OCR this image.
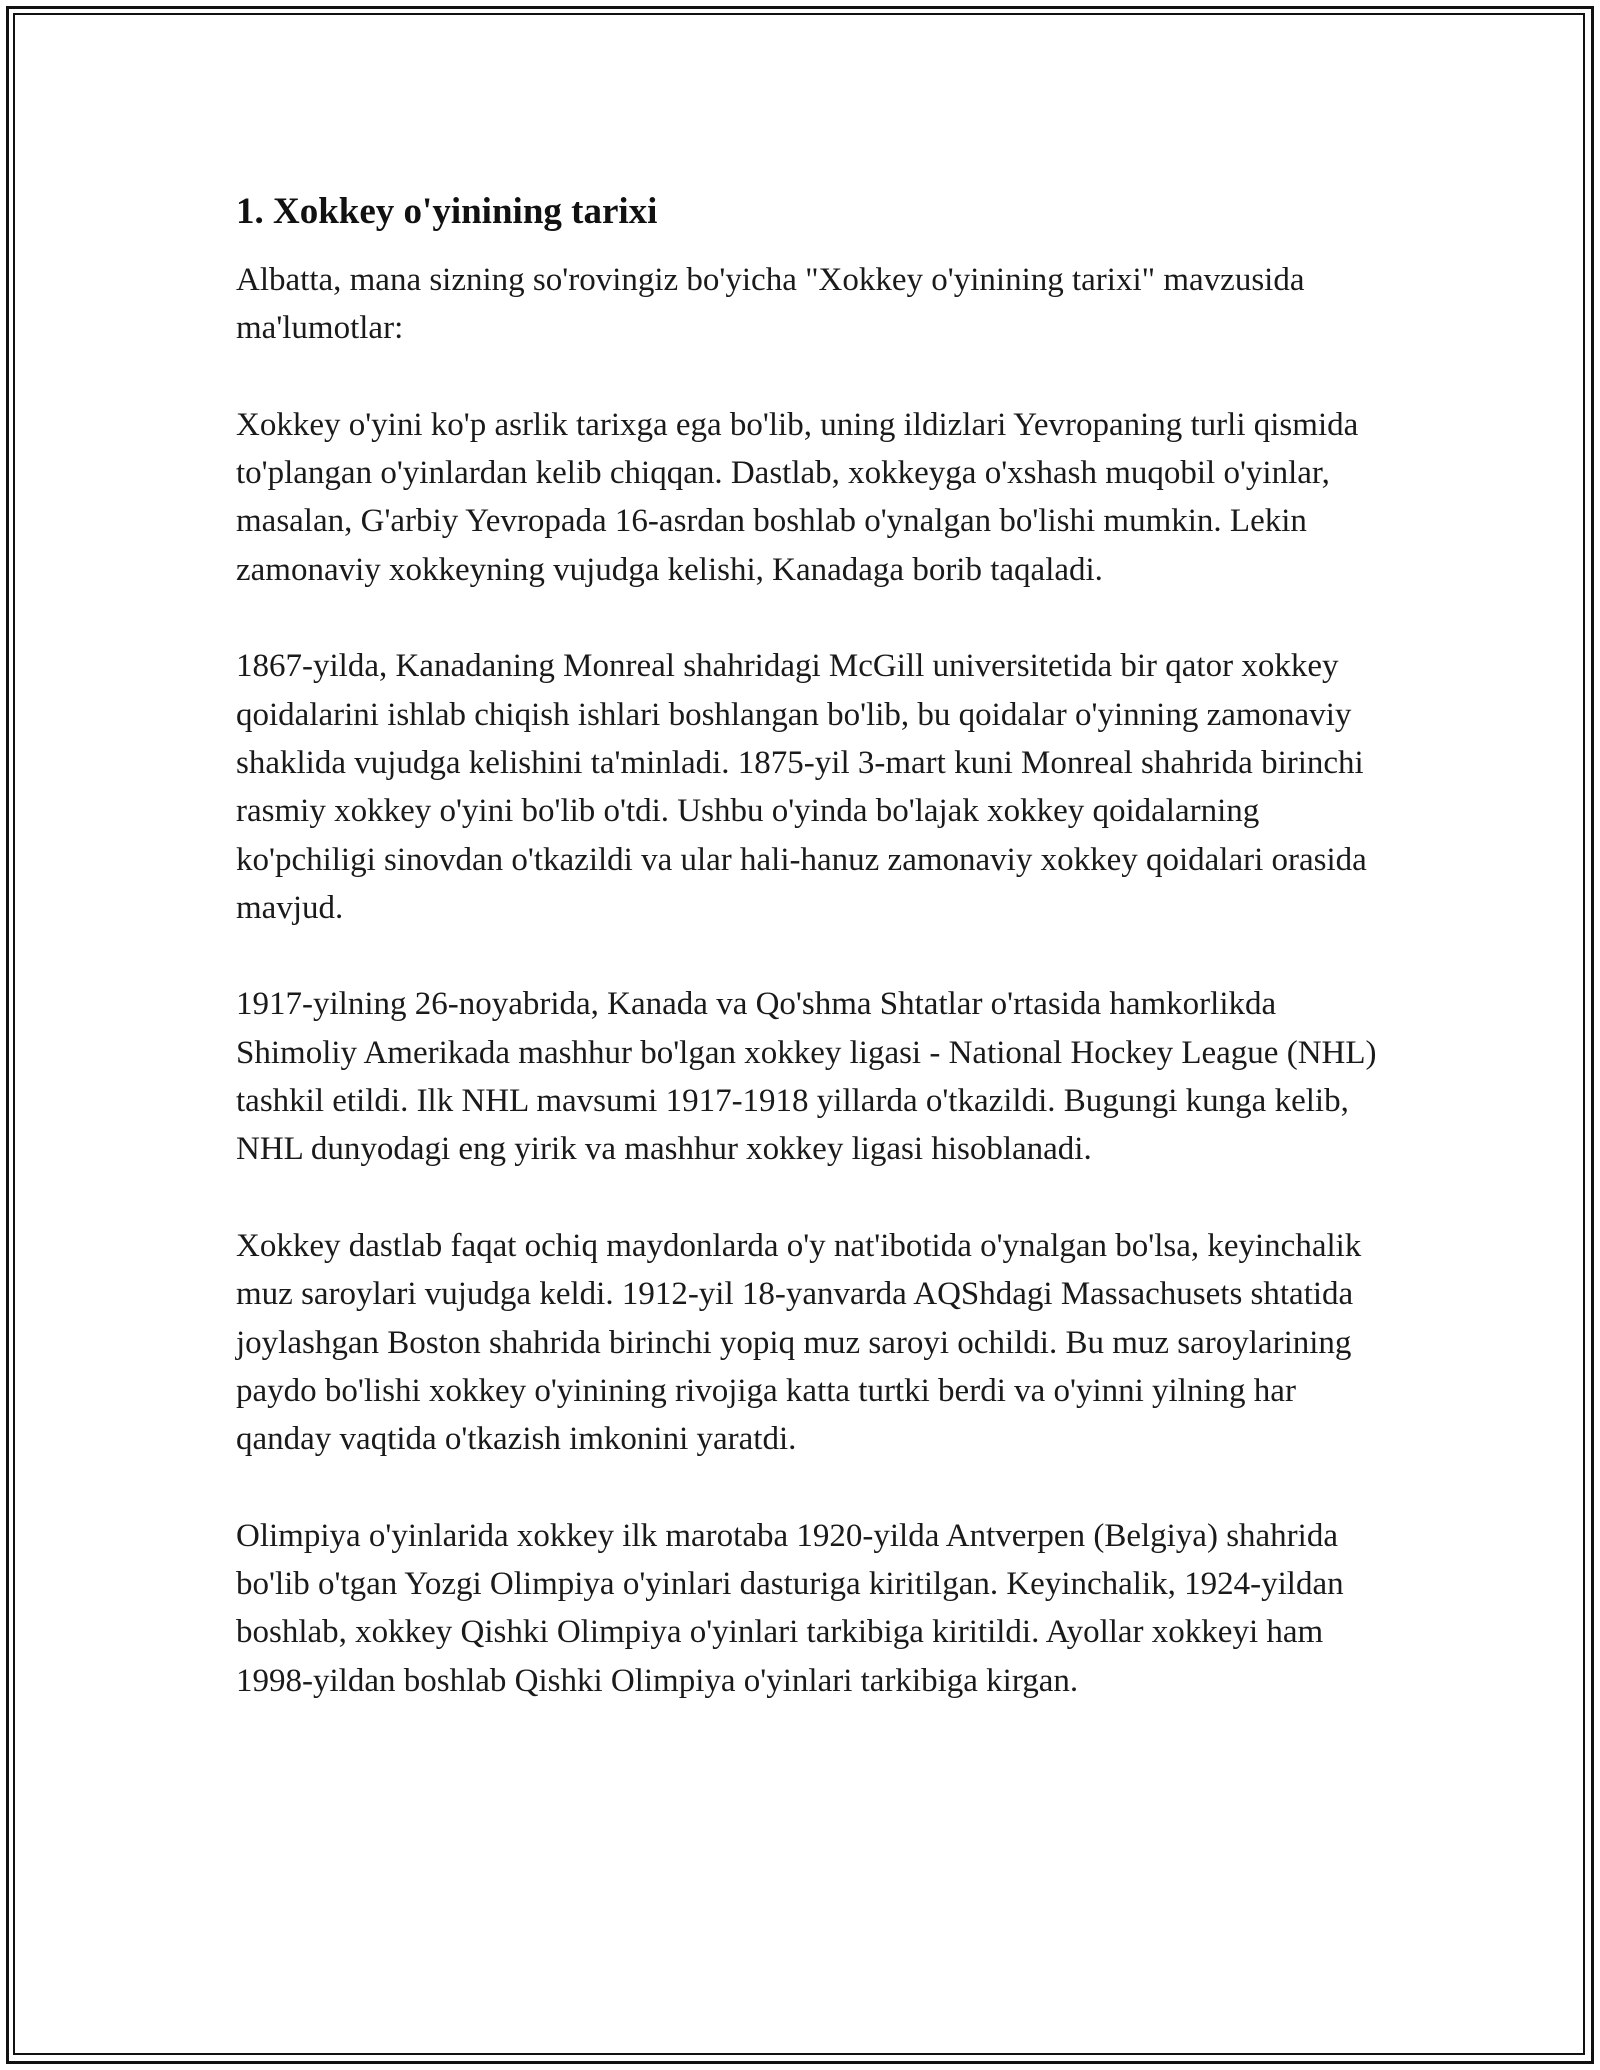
1. Xokkey o'yinining tarixi

Albatta, mana sizning so'rovingiz bo'yicha "Xokkey o'yinining tarixi" mavzusida ma'lumotlar:

Xokkey o'yini ko'p asrlik tarixga ega bo'lib, uning ildizlari Yevropaning turli qismida to'plangan o'yinlardan kelib chiqqan. Dastlab, xokkeyga o'xshash muqobil o'yinlar, masalan, G'arbiy Yevropada 16-asrdan boshlab o'ynalgan bo'lishi mumkin. Lekin zamonaviy xokkeyning vujudga kelishi, Kanadaga borib taqaladi.

1867-yilda, Kanadaning Monreal shahridagi McGill universitetida bir qator xokkey qoidalarini ishlab chiqish ishlari boshlangan bo'lib, bu qoidalar o'yinning zamonaviy shaklida vujudga kelishini ta'minladi. 1875-yil 3-mart kuni Monreal shahrida birinchi rasmiy xokkey o'yini bo'lib o'tdi. Ushbu o'yinda bo'lajak xokkey qoidalarning ko'pchiligi sinovdan o'tkazildi va ular hali-hanuz zamonaviy xokkey qoidalari orasida mavjud.

1917-yilning 26-noyabrida, Kanada va Qo'shma Shtatlar o'rtasida hamkorlikda Shimoliy Amerikada mashhur bo'lgan xokkey ligasi - National Hockey League (NHL) tashkil etildi. Ilk NHL mavsumi 1917-1918 yillarda o'tkazildi. Bugungi kunga kelib, NHL dunyodagi eng yirik va mashhur xokkey ligasi hisoblanadi.

Xokkey dastlab faqat ochiq maydonlarda o'y nat'ibotida o'ynalgan bo'lsa, keyinchalik muz saroylari vujudga keldi. 1912-yil 18-yanvarda AQShdagi Massachusets shtatida joylashgan Boston shahrida birinchi yopiq muz saroyi ochildi. Bu muz saroylarining paydo bo'lishi xokkey o'yinining rivojiga katta turtki berdi va o'yinni yilning har qanday vaqtida o'tkazish imkonini yaratdi.

Olimpiya o'yinlarida xokkey ilk marotaba 1920-yilda Antverpen (Belgiya) shahrida bo'lib o'tgan Yozgi Olimpiya o'yinlari dasturiga kiritilgan. Keyinchalik, 1924-yildan boshlab, xokkey Qishki Olimpiya o'yinlari tarkibiga kiritildi. Ayollar xokkeyi ham 1998-yildan boshlab Qishki Olimpiya o'yinlari tarkibiga kirgan.
